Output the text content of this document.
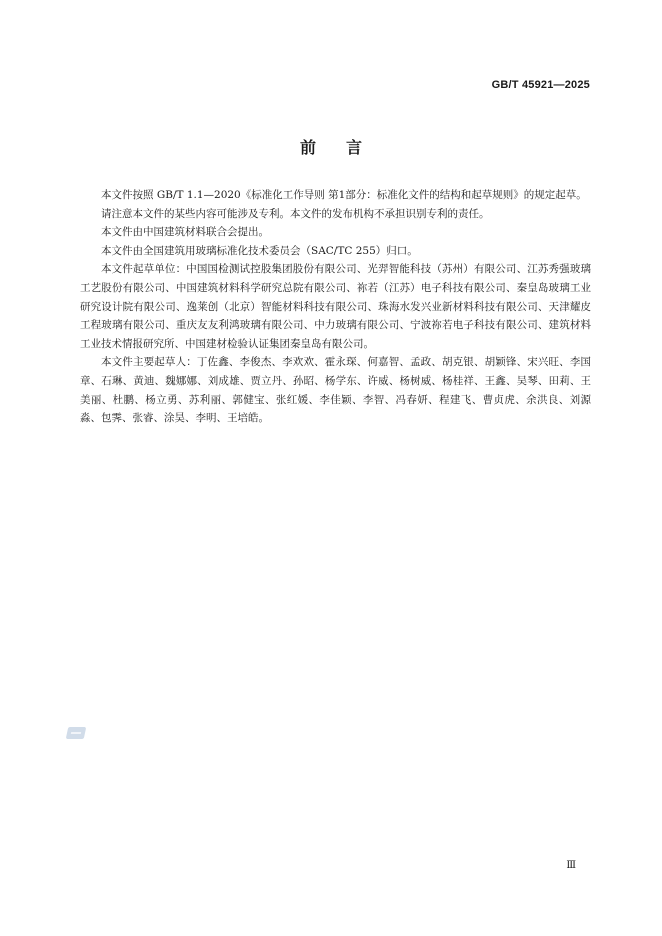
GB/T 45921—2025
前言

本文件按照 GB/T 1.1—2020《标准化工作导则 第1部分：标准化文件的结构和起草规则》的规定起草。

请注意本文件的某些内容可能涉及专利。本文件的发布机构不承担识别专利的责任。

本文件由中国建筑材料联合会提出。

本文件由全国建筑用玻璃标准化技术委员会（SAC/TC 255）归口。

本文件起草单位：中国国检测试控股集团股份有限公司、光羿智能科技（苏州）有限公司、江苏秀强玻璃工艺股份有限公司、中国建筑材料科学研究总院有限公司、祢若（江苏）电子科技有限公司、秦皇岛玻璃工业研究设计院有限公司、逸莱创（北京）智能材料科技有限公司、珠海水发兴业新材料科技有限公司、天津耀皮工程玻璃有限公司、重庆友友利鸿玻璃有限公司、中力玻璃有限公司、宁波祢若电子科技有限公司、建筑材料工业技术情报研究所、中国建材检验认证集团秦皇岛有限公司。

本文件主要起草人：丁佐鑫、李俊杰、李欢欢、霍永琛、何嘉智、孟政、胡克银、胡颖锋、宋兴旺、李国章、石琳、黄迪、魏娜娜、刘成雄、贾立丹、孙昭、杨学东、许威、杨树威、杨桂祥、王鑫、吴琴、田莉、王美丽、杜鹏、杨立勇、苏利丽、郭健宝、张红媛、李佳颖、李智、冯春妍、程建飞、曹贞虎、余洪良、刘源淼、包霁、张睿、涂昊、李明、王培皓。

Ⅲ
